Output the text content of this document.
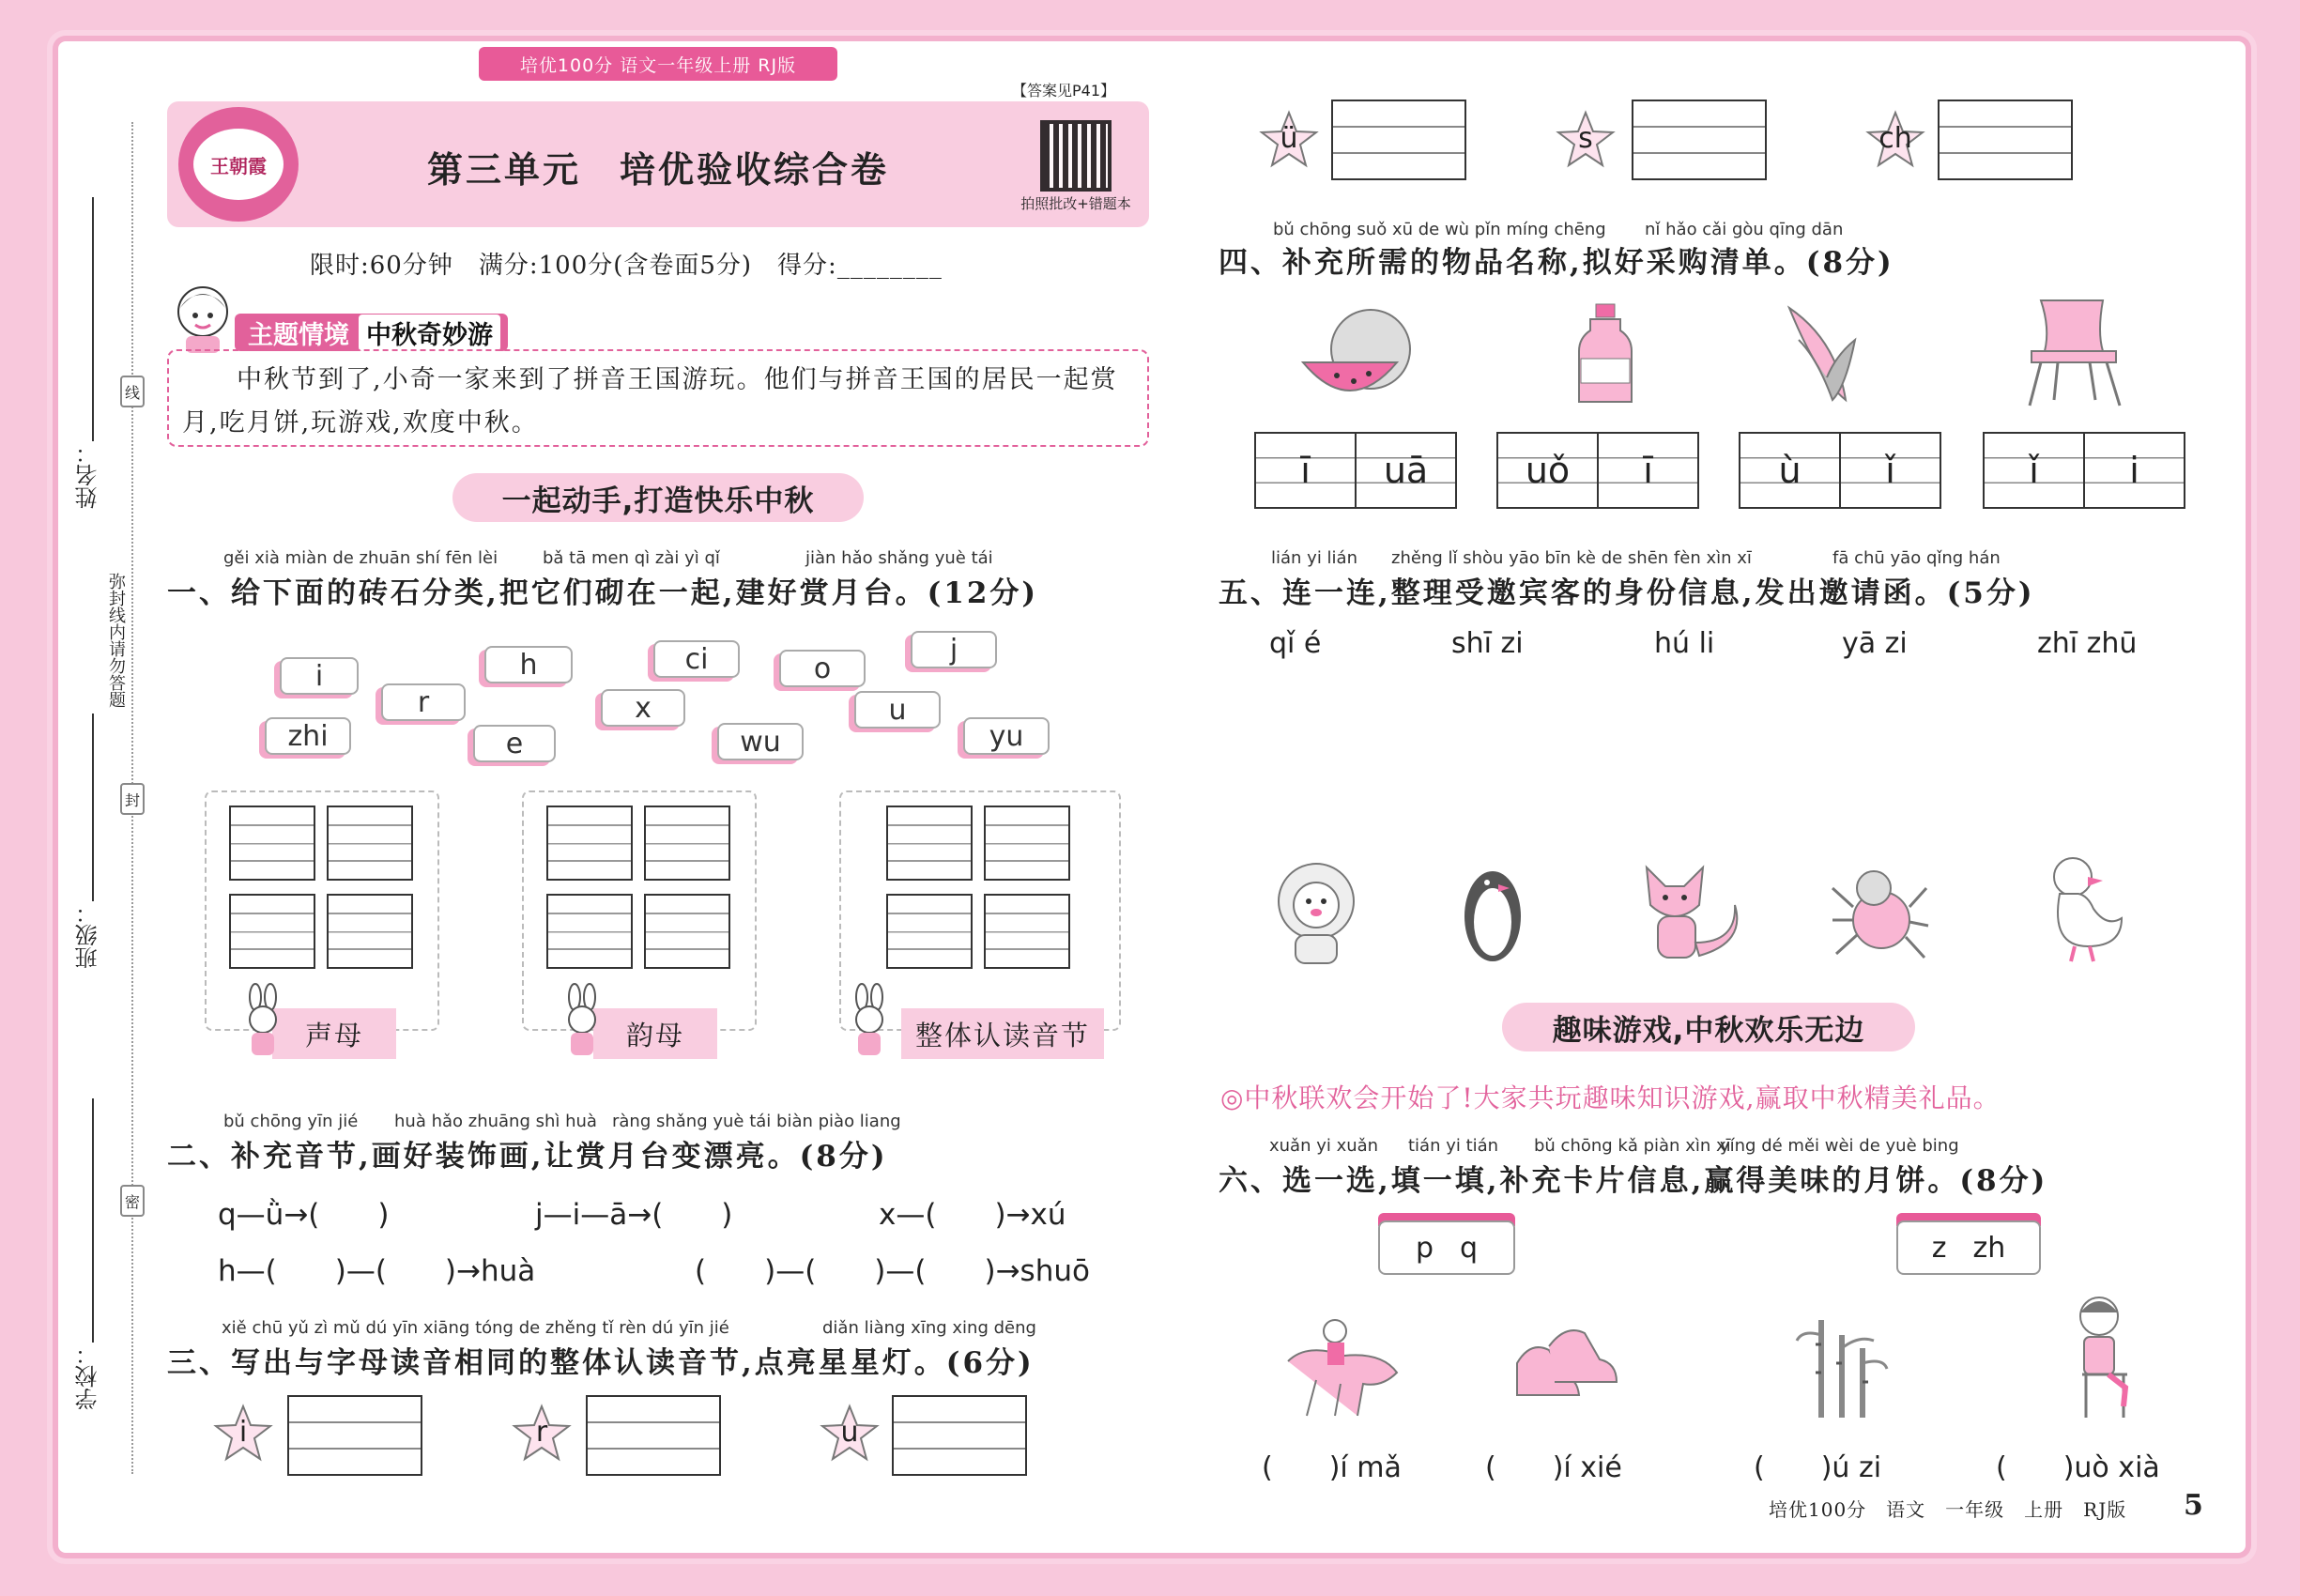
培优100分 语文一年级上册 RJ版
姓名：
班级：
学校：
线
封
密
弥封线内请勿答题
王朝霞	第三单元　培优验收综合卷
【答案见P41】
拍照批改+错题本
限时:60分钟　满分:100分(含卷面5分)　得分:________
主题情境 中秋奇妙游
　　中秋节到了,小奇一家来到了拼音王国游玩。他们与拼音王国的居民一起赏月,吃月饼,玩游戏,欢度中秋。
一起动手,打造快乐中秋
gěi xià miàn de zhuān shí fēn lèi	bǎ tā men qì zài yì qǐ	jiàn hǎo shǎng yuè tái
一、给下面的砖石分类,把它们砌在一起,建好赏月台。(12分)
i	h	ci	o
j
r	x	u
zhi	e	wu	yu
声母	韵母	整体认读音节
bǔ chōng yīn jié huà hǎo zhuāng shì huà ràng shǎng yuè tái biàn piào liang
二、补充音节,画好装饰画,让赏月台变漂亮。(8分)
q—ǜ→(　　)	j—i—ā→(　　)	x—(　　)→xú
h—(　　)—(　　)→huà	(　　)—(　　)—(　　)→shuō
xiě chū yǔ zì mǔ dú yīn xiāng tóng de zhěng tǐ rèn dú yīn jié	diǎn liàng xīng xing dēng
三、写出与字母读音相同的整体认读音节,点亮星星灯。(6分)
i	r	u
ü	s	ch
bǔ chōng suǒ xū de wù pǐn míng chēng nǐ hǎo cǎi gòu qīng dān
四、补充所需的物品名称,拟好采购清单。(8分)
ī	uā	uǒ	ī	ù	ǐ	ǐ	i
lián yi lián zhěng lǐ shòu yāo bīn kè de shēn fèn xìn xī	fā chū yāo qǐng hán
五、连一连,整理受邀宾客的身份信息,发出邀请函。(5分)
qǐ é	shī zi	hú li	yā zi	zhī zhū
趣味游戏,中秋欢乐无边
◎中秋联欢会开始了!大家共玩趣味知识游戏,赢取中秋精美礼品。
xuǎn yi xuǎn tián yi tián bǔ chōng kǎ piàn xìn xī
yíng dé měi wèi de yuè bing
六、选一选,填一填,补充卡片信息,赢得美味的月饼。(8分)
p q	z zh
(　　)í mǎ	(　　)í xié	(　　)ú zi	(　　)uò xià
培优100分　语文　一年级　上册　RJ版 5
